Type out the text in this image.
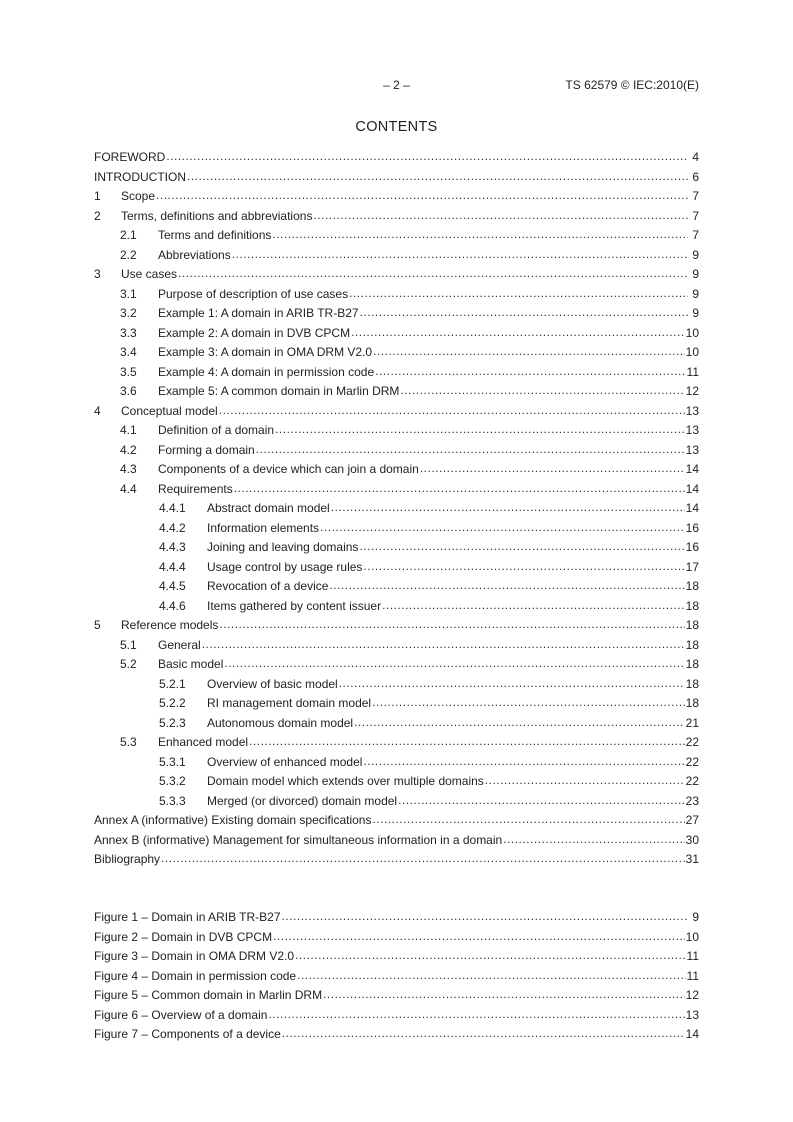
– 2 –	TS 62579 © IEC:2010(E)
CONTENTS
FOREWORD .....	4
INTRODUCTION .....	6
1	Scope .....	7
2	Terms, definitions and abbreviations .....	7
2.1	Terms and definitions .....	7
2.2	Abbreviations .....	9
3	Use cases .....	9
3.1	Purpose of description of use cases .....	9
3.2	Example 1: A domain in ARIB TR-B27 .....	9
3.3	Example 2: A domain in DVB CPCM .....	10
3.4	Example 3: A domain in OMA DRM V2.0 .....	10
3.5	Example 4: A domain in permission code .....	11
3.6	Example 5: A common domain in Marlin DRM .....	12
4	Conceptual model .....	13
4.1	Definition of a domain .....	13
4.2	Forming a domain .....	13
4.3	Components of a device which can join a domain .....	14
4.4	Requirements .....	14
4.4.1	Abstract domain model .....	14
4.4.2	Information elements .....	16
4.4.3	Joining and leaving domains .....	16
4.4.4	Usage control by usage rules .....	17
4.4.5	Revocation of a device .....	18
4.4.6	Items gathered by content issuer .....	18
5	Reference models .....	18
5.1	General .....	18
5.2	Basic model .....	18
5.2.1	Overview of basic model .....	18
5.2.2	RI management domain model .....	18
5.2.3	Autonomous domain model .....	21
5.3	Enhanced model .....	22
5.3.1	Overview of enhanced model .....	22
5.3.2	Domain model which extends over multiple domains .....	22
5.3.3	Merged (or divorced) domain model .....	23
Annex A (informative) Existing domain specifications .....	27
Annex B (informative) Management for simultaneous information in a domain .....	30
Bibliography .....	31
Figure 1 – Domain in ARIB TR-B27 .....	9
Figure 2 – Domain in DVB CPCM .....	10
Figure 3 – Domain in OMA DRM V2.0 .....	11
Figure 4 – Domain in permission code .....	11
Figure 5 – Common domain in Marlin DRM .....	12
Figure 6 – Overview of a domain .....	13
Figure 7 – Components of a device .....	14
